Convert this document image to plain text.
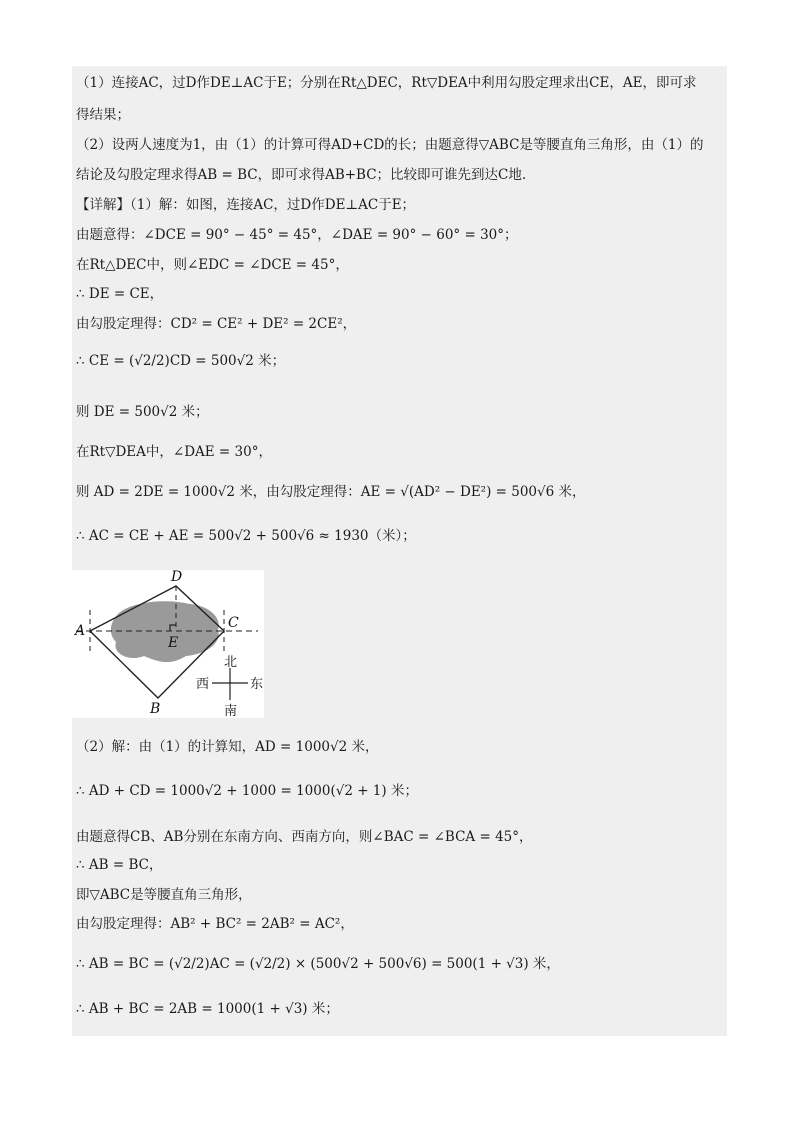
（1）连接AC，过D作DE⊥AC于E；分别在Rt△DEC，Rt▽DEA中利用勾股定理求出CE，AE，即可求
得结果；
（2）设两人速度为1，由（1）的计算可得AD+CD的长；由题意得▽ABC是等腰直角三角形，由（1）的
结论及勾股定理求得AB = BC，即可求得AB+BC；比较即可谁先到达C地.
【详解】（1）解：如图，连接AC，过D作DE⊥AC于E；
由题意得：∠DCE = 90° − 45° = 45°，∠DAE = 90° − 60° = 30°；
在Rt△DEC中，则∠EDC = ∠DCE = 45°，
∴ DE = CE，
由勾股定理得：CD² = CE² + DE² = 2CE²，
∴ CE = (√2/2)CD = 500√2 米；
则 DE = 500√2 米；
在Rt▽DEA中，∠DAE = 30°，
则 AD = 2DE = 1000√2 米，由勾股定理得：AE = √(AD² − DE²) = 500√6 米，
∴ AC = CE + AE = 500√2 + 500√6 ≈ 1930（米）；
A
D
C
E
B
北
南
西	东
（2）解：由（1）的计算知，AD = 1000√2 米，
∴ AD + CD = 1000√2 + 1000 = 1000(√2 + 1) 米；
由题意得CB、AB分别在东南方向、西南方向，则∠BAC = ∠BCA = 45°，
∴ AB = BC，
即▽ABC是等腰直角三角形，
由勾股定理得：AB² + BC² = 2AB² = AC²，
∴ AB = BC = (√2/2)AC = (√2/2) × (500√2 + 500√6) = 500(1 + √3) 米，
∴ AB + BC = 2AB = 1000(1 + √3) 米；
